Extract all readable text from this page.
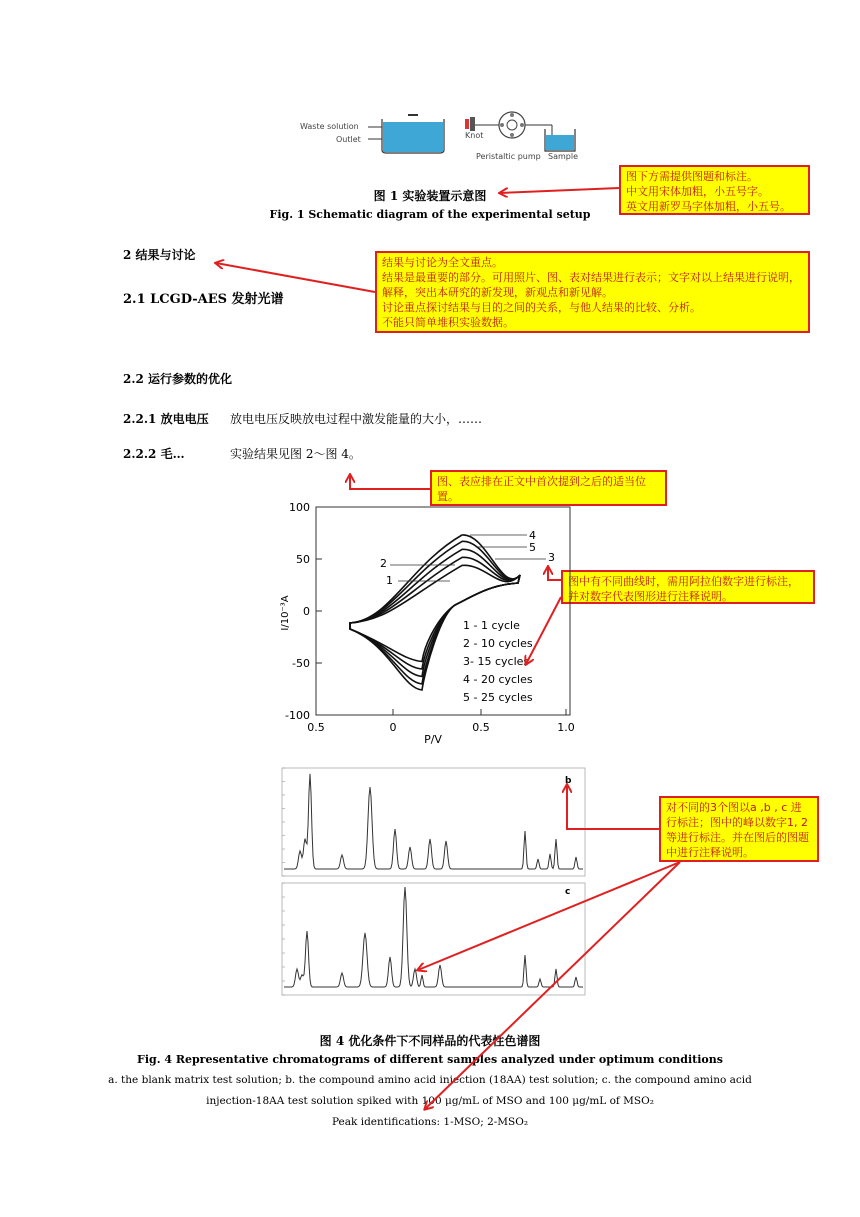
Waste solution
Outlet	Knot
Peristaltic pump Sample
图 1 实验装置示意图
Fig. 1 Schematic diagram of the experimental setup
图下方需提供图题和标注。
中文用宋体加粗，小五号字。
英文用新罗马字体加粗，小五号。
结果与讨论为全文重点。
结果是最重要的部分。可用照片、图、表对结果进行表示；文字对以上结果进行说明，解释，突出本研究的新发现，新观点和新见解。
讨论重点探讨结果与目的之间的关系，与他人结果的比较、分析。
不能只简单堆积实验数据。
图、表应排在正文中首次提到之后的适当位置。
图中有不同曲线时，需用阿拉伯数字进行标注，并对数字代表图形进行注释说明。
对不同的3个图以a ,b , c 进行标注；图中的峰以数字1, 2等进行标注。并在图后的图题中进行注释说明。
2 结果与讨论
2.1 LCGD-AES 发射光谱
2.2 运行参数的优化
2.2.1 放电电压 放电电压反映放电过程中激发能量的大小，……
2.2.2 毛…	实验结果见图 2～图 4。
0.5	0	0.5	1.0
100
50
0
-50
-100
P/V
I/10⁻³A
4
5
3
2
1
1 - 1 cycle
2 - 10 cycles
3- 15 cycles
4 - 20 cycles
5 - 25 cycles
b
c
图 4 优化条件下不同样品的代表性色谱图
Fig. 4 Representative chromatograms of different samples analyzed under optimum conditions
a. the blank matrix test solution; b. the compound amino acid injection (18AA) test solution; c. the compound amino acid
injection-18AA test solution spiked with 100 μg/mL of MSO and 100 μg/mL of MSO₂
Peak identifications: 1-MSO; 2-MSO₂
